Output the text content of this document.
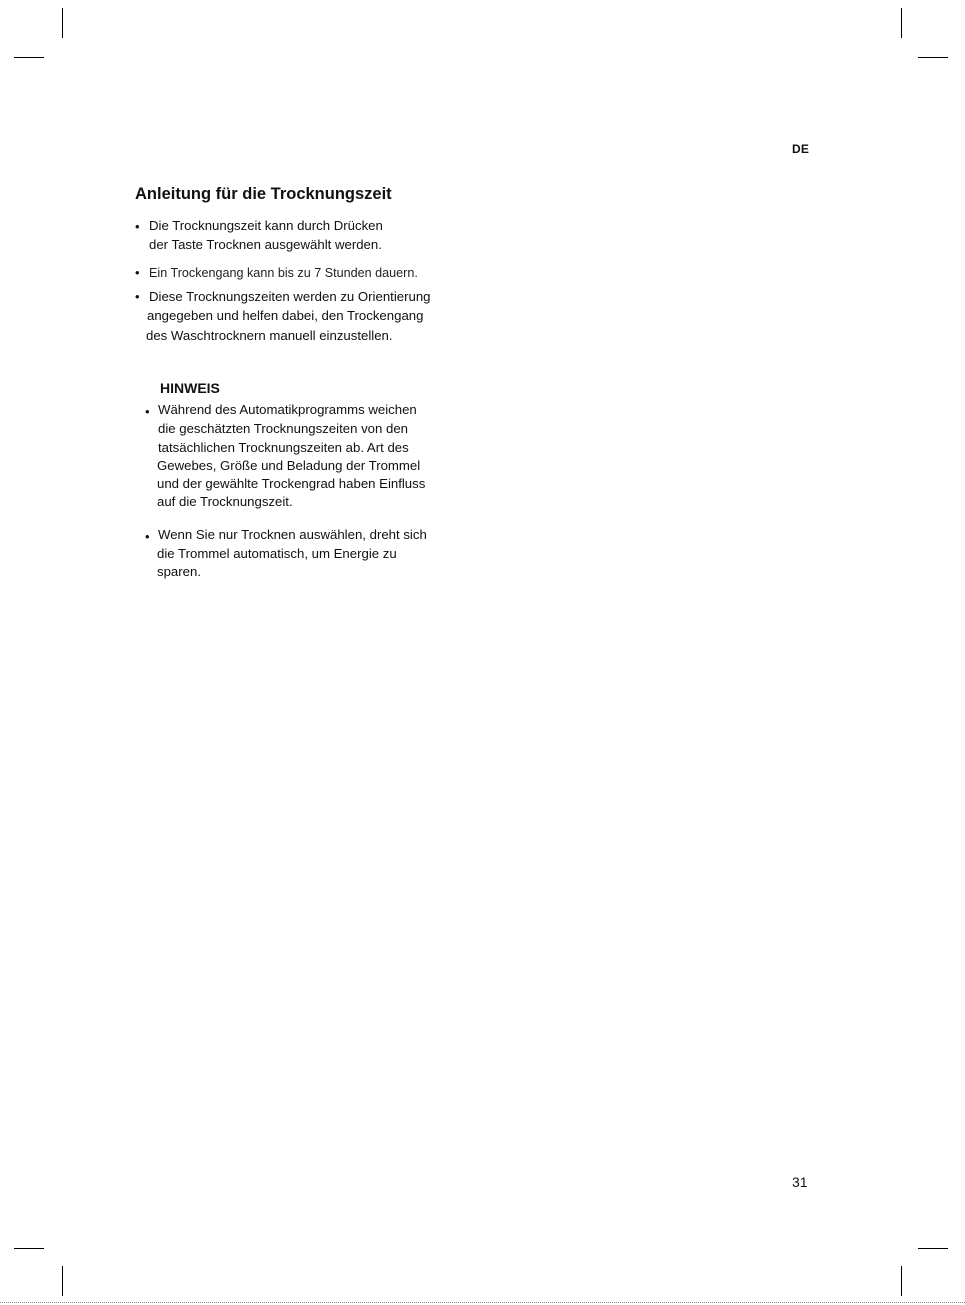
DE
Anleitung für die Trocknungszeit
• Die Trocknungszeit kann durch Drücken
der Taste Trocknen ausgewählt werden.
• Ein Trockengang kann bis zu 7 Stunden dauern.
• Diese Trocknungszeiten werden zu Orientierung
angegeben und helfen dabei, den Trockengang
des Waschtrocknern manuell einzustellen.
HINWEIS
• Während des Automatikprogramms weichen
die geschätzten Trocknungszeiten von den
tatsächlichen Trocknungszeiten ab. Art des
Gewebes, Größe und Beladung der Trommel
und der gewählte Trockengrad haben Einfluss
auf die Trocknungszeit.
• Wenn Sie nur Trocknen auswählen, dreht sich
die Trommel automatisch, um Energie zu
sparen.
31
